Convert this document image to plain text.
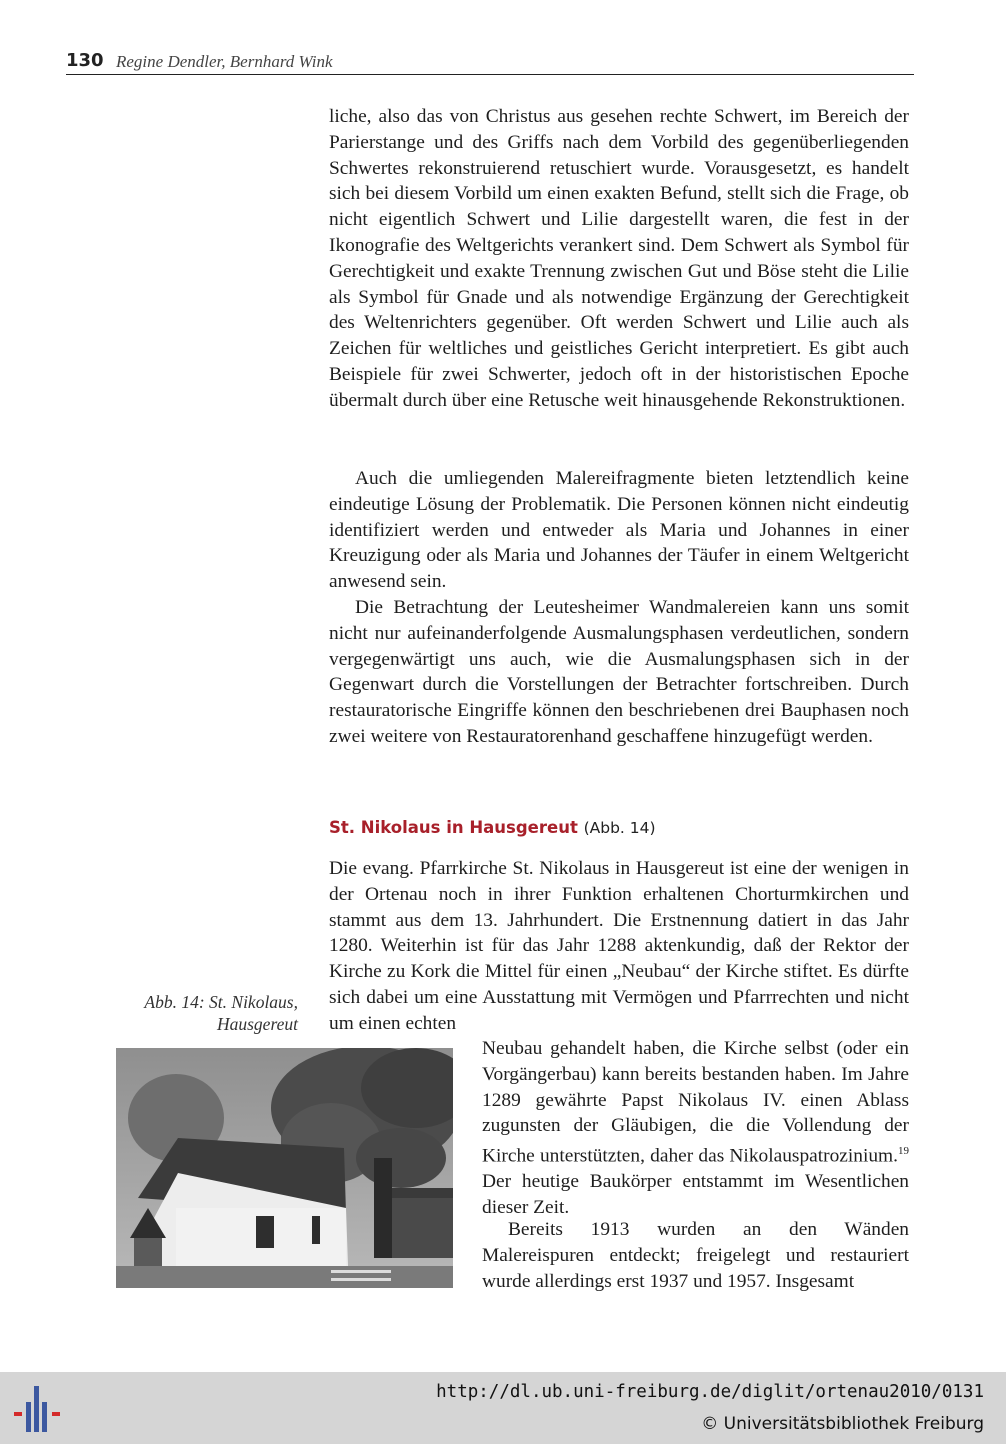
130 Regine Dendler, Bernhard Wink

liche, also das von Christus aus gesehen rechte Schwert, im Bereich der Parierstange und des Griffs nach dem Vorbild des gegenüberliegenden Schwertes rekonstruierend retuschiert wurde. Vorausgesetzt, es handelt sich bei diesem Vorbild um einen exakten Befund, stellt sich die Frage, ob nicht eigentlich Schwert und Lilie dargestellt waren, die fest in der Ikonografie des Weltgerichts verankert sind. Dem Schwert als Symbol für Gerechtigkeit und exakte Trennung zwischen Gut und Böse steht die Lilie als Symbol für Gnade und als notwendige Ergänzung der Gerechtigkeit des Weltenrichters gegenüber. Oft werden Schwert und Lilie auch als Zeichen für weltliches und geistliches Gericht interpretiert. Es gibt auch Beispiele für zwei Schwerter, jedoch oft in der historistischen Epoche übermalt durch über eine Retusche weit hinausgehende Rekonstruktionen.

Auch die umliegenden Malereifragmente bieten letztendlich keine eindeutige Lösung der Problematik. Die Personen können nicht eindeutig identifiziert werden und entweder als Maria und Johannes in einer Kreuzigung oder als Maria und Johannes der Täufer in einem Weltgericht anwesend sein.

Die Betrachtung der Leutesheimer Wandmalereien kann uns somit nicht nur aufeinanderfolgende Ausmalungsphasen verdeutlichen, sondern vergegenwärtigt uns auch, wie die Ausmalungsphasen sich in der Gegenwart durch die Vorstellungen der Betrachter fortschreiben. Durch restauratorische Eingriffe können den beschriebenen drei Bauphasen noch zwei weitere von Restauratorenhand geschaffene hinzugefügt werden.

St. Nikolaus in Hausgereut (Abb. 14)

Die evang. Pfarrkirche St. Nikolaus in Hausgereut ist eine der wenigen in der Ortenau noch in ihrer Funktion erhaltenen Chorturmkirchen und stammt aus dem 13. Jahrhundert. Die Erstnennung datiert in das Jahr 1280. Weiterhin ist für das Jahr 1288 aktenkundig, daß der Rektor der Kirche zu Kork die Mittel für einen „Neubau“ der Kirche stiftet. Es dürfte sich dabei um eine Ausstattung mit Vermögen und Pfarrrechten und nicht um einen echten

Neubau gehandelt haben, die Kirche selbst (oder ein Vorgängerbau) kann bereits bestanden haben. Im Jahre 1289 gewährte Papst Nikolaus IV. einen Ablass zugunsten der Gläubigen, die die Vollendung der Kirche unterstützten, daher das Nikolauspatrozinium.$^{19}$ Der heutige Baukörper entstammt im Wesentlichen dieser Zeit.

Bereits 1913 wurden an den Wänden Malereispuren entdeckt; freigelegt und restauriert wurde allerdings erst 1937 und 1957. Insgesamt

Abb. 14: St. Nikolaus,
Hausgereut
http://dl.ub.uni-freiburg.de/diglit/ortenau2010/0131
© Universitätsbibliothek Freiburg
